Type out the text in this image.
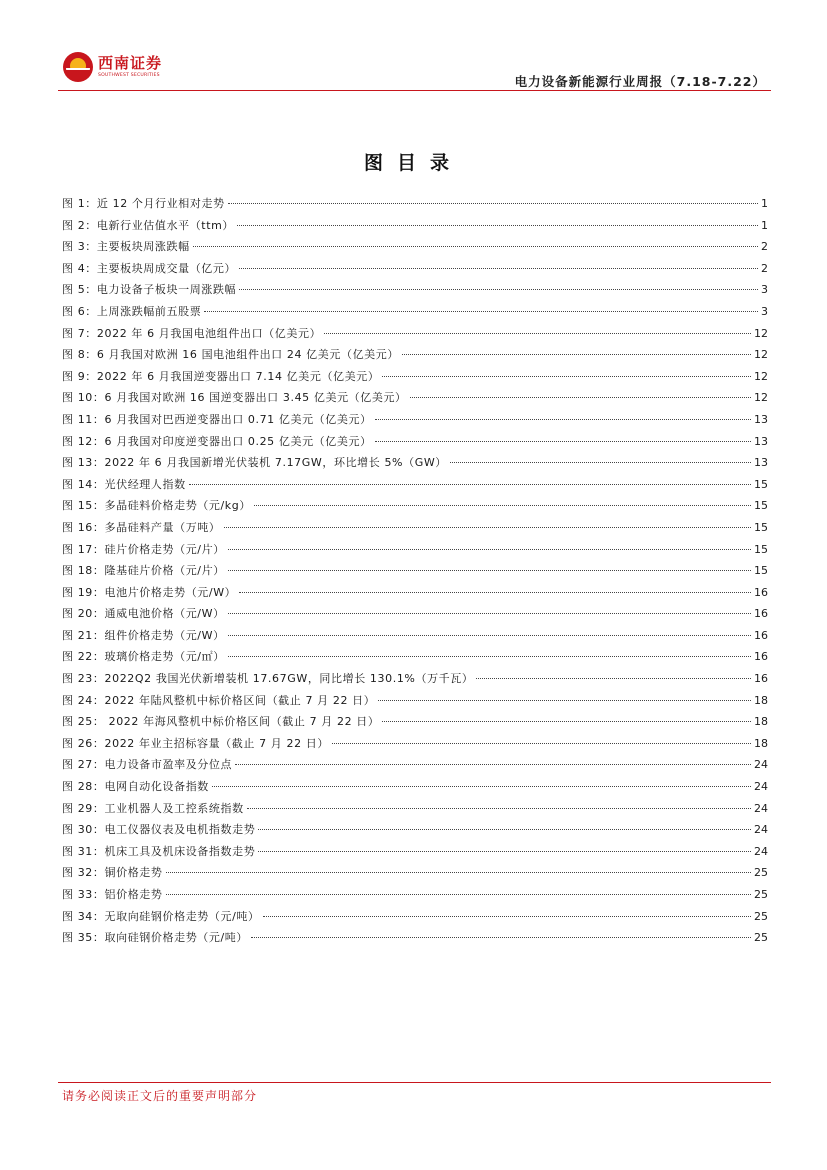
西南证券
SOUTHWEST SECURITIES	电力设备新能源行业周报（7.18-7.22）
图目录
图 1：近 12 个月行业相对走势	1
图 2：电新行业估值水平（ttm）	1
图 3：主要板块周涨跌幅	2
图 4：主要板块周成交量（亿元）	2
图 5：电力设备子板块一周涨跌幅	3
图 6：上周涨跌幅前五股票	3
图 7：2022 年 6 月我国电池组件出口（亿美元）	12
图 8：6 月我国对欧洲 16 国电池组件出口 24 亿美元（亿美元）	12
图 9：2022 年 6 月我国逆变器出口 7.14 亿美元（亿美元）	12
图 10：6 月我国对欧洲 16 国逆变器出口 3.45 亿美元（亿美元）	12
图 11：6 月我国对巴西逆变器出口 0.71 亿美元（亿美元）	13
图 12：6 月我国对印度逆变器出口 0.25 亿美元（亿美元）	13
图 13：2022 年 6 月我国新增光伏装机 7.17GW，环比增长 5%（GW）	13
图 14：光伏经理人指数	15
图 15：多晶硅料价格走势（元/kg）	15
图 16：多晶硅料产量（万吨）	15
图 17：硅片价格走势（元/片）	15
图 18：隆基硅片价格（元/片）	15
图 19：电池片价格走势（元/W）	16
图 20：通威电池价格（元/W）	16
图 21：组件价格走势（元/W）	16
图 22：玻璃价格走势（元/㎡）	16
图 23：2022Q2 我国光伏新增装机 17.67GW，同比增长 130.1%（万千瓦）	16
图 24：2022 年陆风整机中标价格区间（截止 7 月 22 日）	18
图 25： 2022 年海风整机中标价格区间（截止 7 月 22 日）	18
图 26：2022 年业主招标容量（截止 7 月 22 日）	18
图 27：电力设备市盈率及分位点	24
图 28：电网自动化设备指数	24
图 29：工业机器人及工控系统指数	24
图 30：电工仪器仪表及电机指数走势	24
图 31：机床工具及机床设备指数走势	24
图 32：铜价格走势	25
图 33：铝价格走势	25
图 34：无取向硅钢价格走势（元/吨）	25
图 35：取向硅钢价格走势（元/吨）	25
请务必阅读正文后的重要声明部分
